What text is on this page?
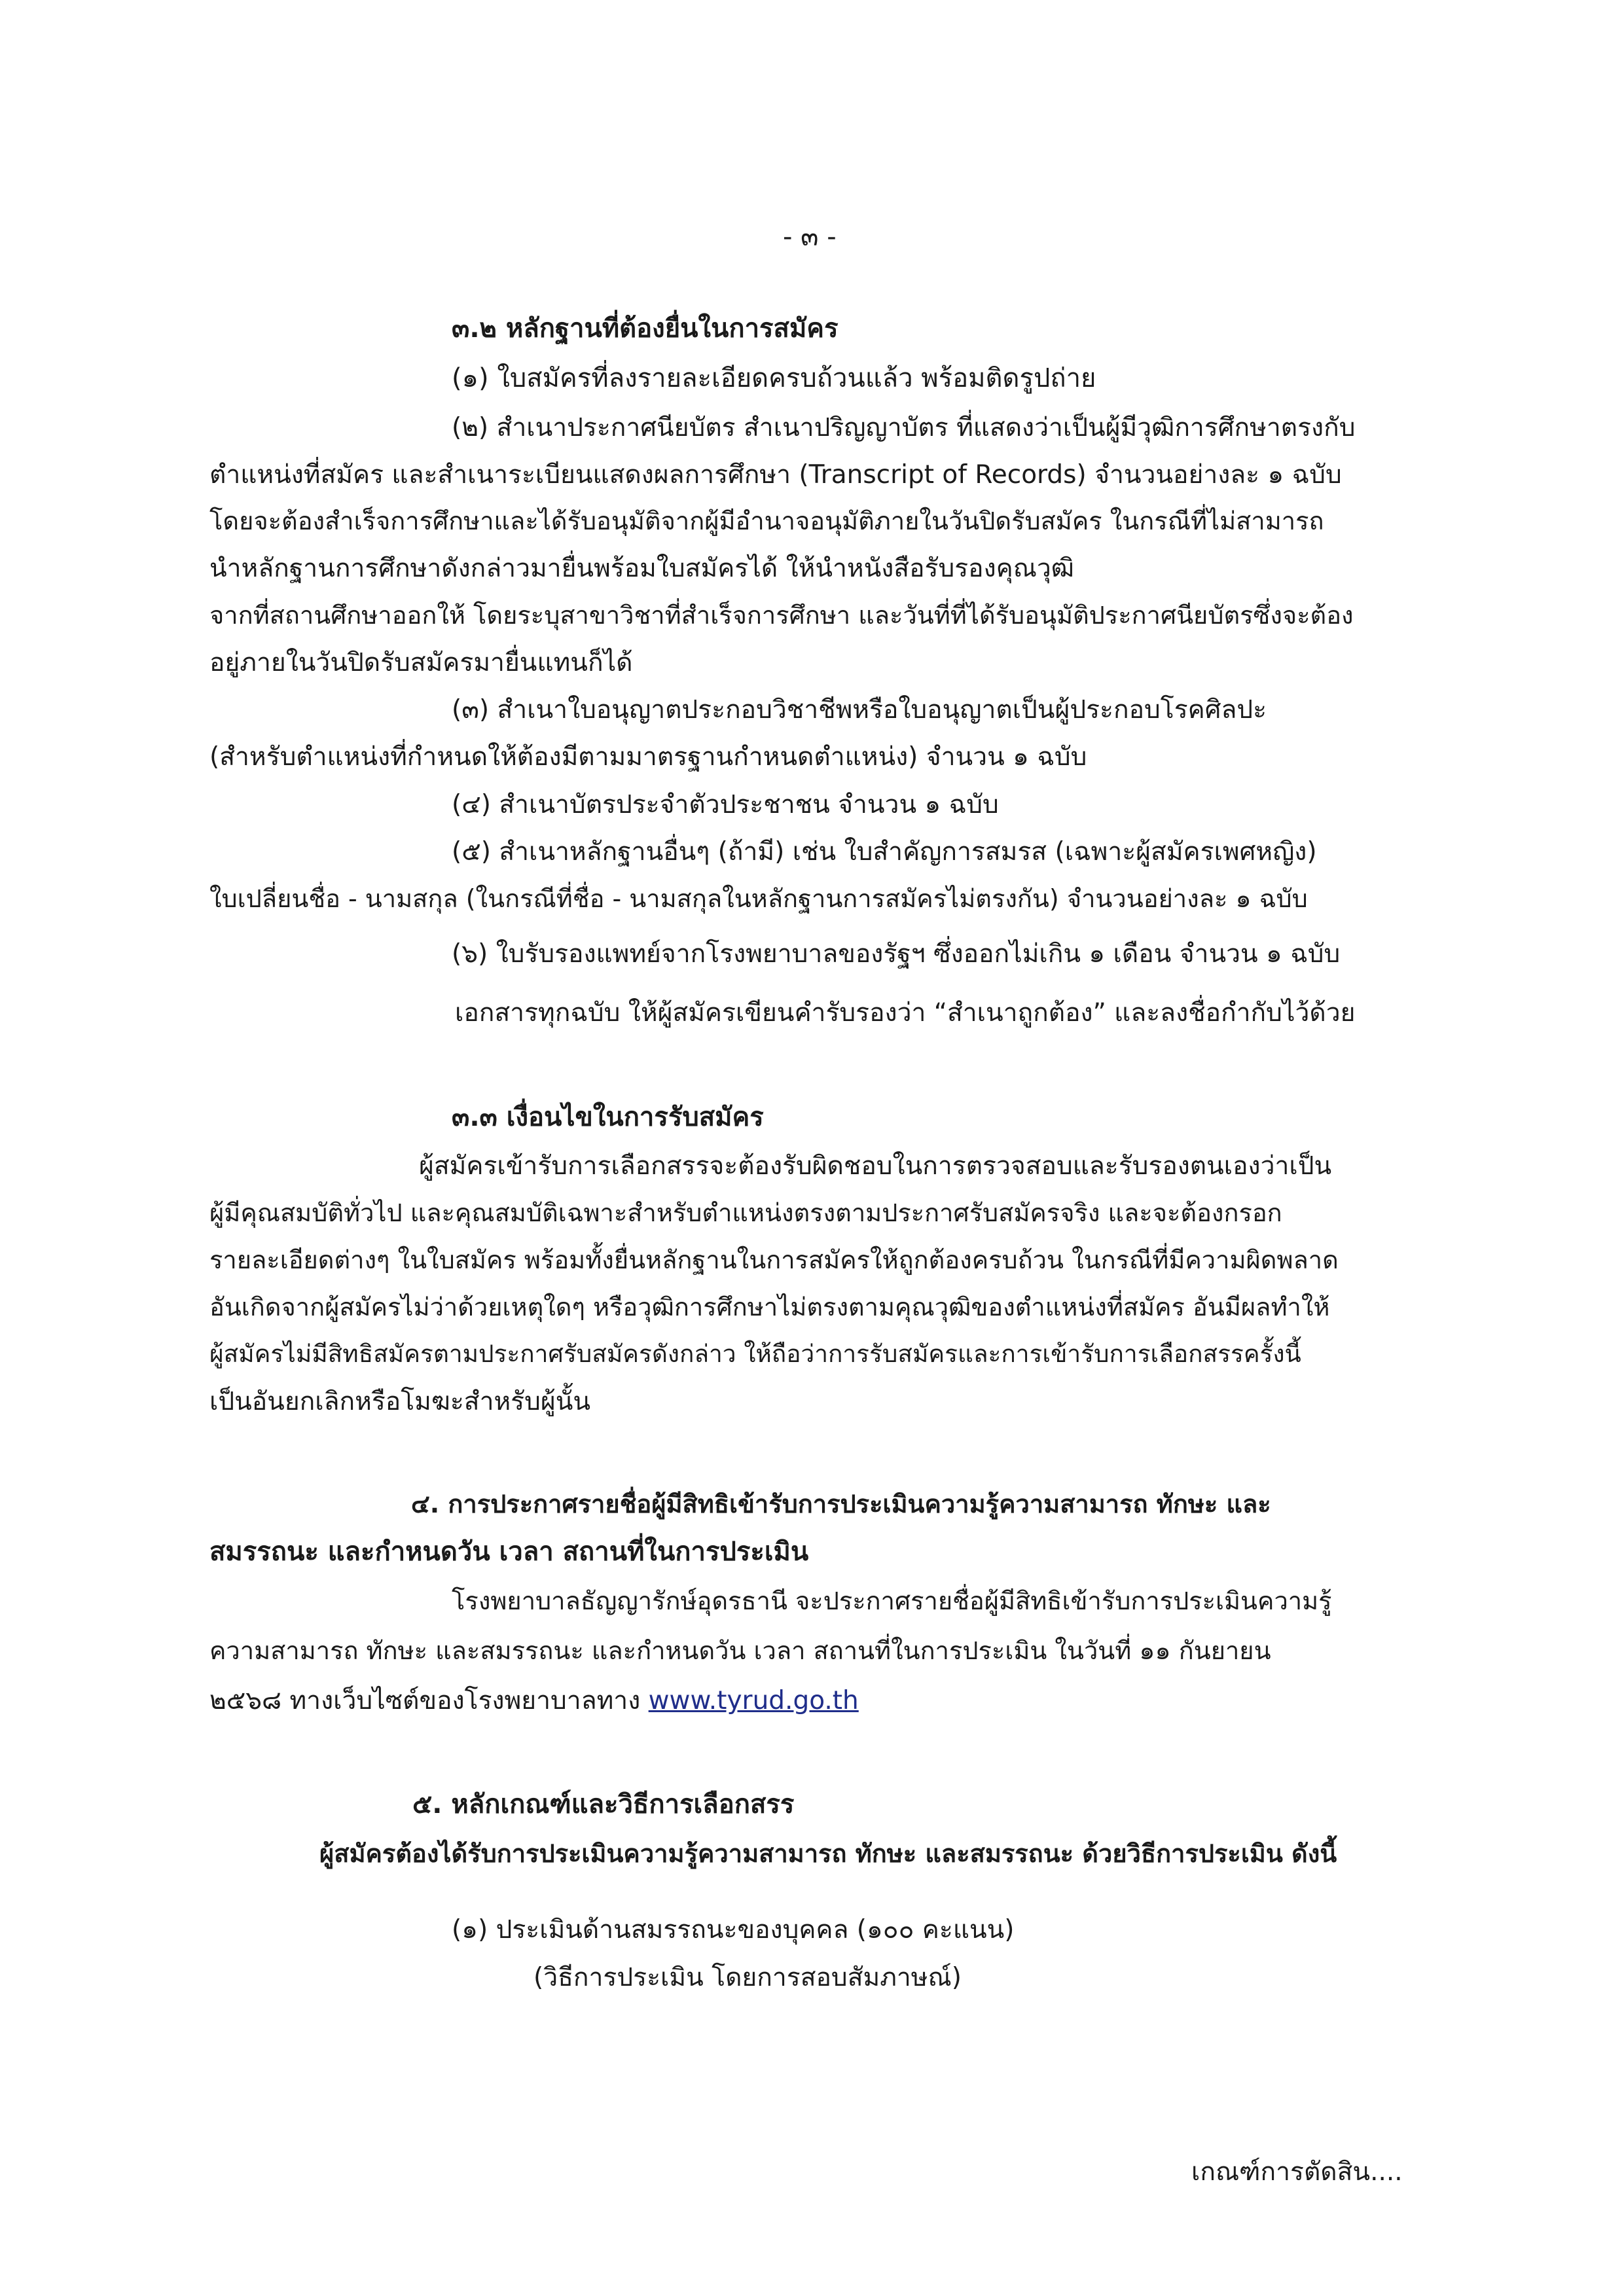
- ๓ -
๓.๒ หลักฐานที่ต้องยื่นในการสมัคร
(๑) ใบสมัครที่ลงรายละเอียดครบถ้วนแล้ว พร้อมติดรูปถ่าย
(๒) สำเนาประกาศนียบัตร สำเนาปริญญาบัตร ที่แสดงว่าเป็นผู้มีวุฒิการศึกษาตรงกับ
ตำแหน่งที่สมัคร และสำเนาระเบียนแสดงผลการศึกษา (Transcript of Records) จำนวนอย่างละ ๑ ฉบับ
โดยจะต้องสำเร็จการศึกษาและได้รับอนุมัติจากผู้มีอำนาจอนุมัติภายในวันปิดรับสมัคร ในกรณีที่ไม่สามารถ
นำหลักฐานการศึกษาดังกล่าวมายื่นพร้อมใบสมัครได้ ให้นำหนังสือรับรองคุณวุฒิ
จากที่สถานศึกษาออกให้ โดยระบุสาขาวิชาที่สำเร็จการศึกษา และวันที่ที่ได้รับอนุมัติประกาศนียบัตรซึ่งจะต้อง
อยู่ภายในวันปิดรับสมัครมายื่นแทนก็ได้
(๓) สำเนาใบอนุญาตประกอบวิชาชีพหรือใบอนุญาตเป็นผู้ประกอบโรคศิลปะ
(สำหรับตำแหน่งที่กำหนดให้ต้องมีตามมาตรฐานกำหนดตำแหน่ง) จำนวน ๑ ฉบับ
(๔) สำเนาบัตรประจำตัวประชาชน จำนวน ๑ ฉบับ
(๕) สำเนาหลักฐานอื่นๆ (ถ้ามี) เช่น ใบสำคัญการสมรส (เฉพาะผู้สมัครเพศหญิง)
ใบเปลี่ยนชื่อ - นามสกุล (ในกรณีที่ชื่อ - นามสกุลในหลักฐานการสมัครไม่ตรงกัน) จำนวนอย่างละ ๑ ฉบับ
(๖) ใบรับรองแพทย์จากโรงพยาบาลของรัฐฯ ซึ่งออกไม่เกิน ๑ เดือน จำนวน ๑ ฉบับ
เอกสารทุกฉบับ ให้ผู้สมัครเขียนคำรับรองว่า “สำเนาถูกต้อง” และลงชื่อกำกับไว้ด้วย
๓.๓ เงื่อนไขในการรับสมัคร
ผู้สมัครเข้ารับการเลือกสรรจะต้องรับผิดชอบในการตรวจสอบและรับรองตนเองว่าเป็น
ผู้มีคุณสมบัติทั่วไป และคุณสมบัติเฉพาะสำหรับตำแหน่งตรงตามประกาศรับสมัครจริง และจะต้องกรอก
รายละเอียดต่างๆ ในใบสมัคร พร้อมทั้งยื่นหลักฐานในการสมัครให้ถูกต้องครบถ้วน ในกรณีที่มีความผิดพลาด
อันเกิดจากผู้สมัครไม่ว่าด้วยเหตุใดๆ หรือวุฒิการศึกษาไม่ตรงตามคุณวุฒิของตำแหน่งที่สมัคร อันมีผลทำให้
ผู้สมัครไม่มีสิทธิสมัครตามประกาศรับสมัครดังกล่าว ให้ถือว่าการรับสมัครและการเข้ารับการเลือกสรรครั้งนี้
เป็นอันยกเลิกหรือโมฆะสำหรับผู้นั้น
๔. การประกาศรายชื่อผู้มีสิทธิเข้ารับการประเมินความรู้ความสามารถ ทักษะ และ
สมรรถนะ และกำหนดวัน เวลา สถานที่ในการประเมิน
โรงพยาบาลธัญญารักษ์อุดรธานี จะประกาศรายชื่อผู้มีสิทธิเข้ารับการประเมินความรู้
ความสามารถ ทักษะ และสมรรถนะ และกำหนดวัน เวลา สถานที่ในการประเมิน ในวันที่ ๑๑ กันยายน
๒๕๖๘ ทางเว็บไซต์ของโรงพยาบาลทาง www.tyrud.go.th
๕. หลักเกณฑ์และวิธีการเลือกสรร
ผู้สมัครต้องได้รับการประเมินความรู้ความสามารถ ทักษะ และสมรรถนะ ด้วยวิธีการประเมิน ดังนี้
(๑) ประเมินด้านสมรรถนะของบุคคล (๑๐๐ คะแนน)
(วิธีการประเมิน โดยการสอบสัมภาษณ์)
เกณฑ์การตัดสิน....
